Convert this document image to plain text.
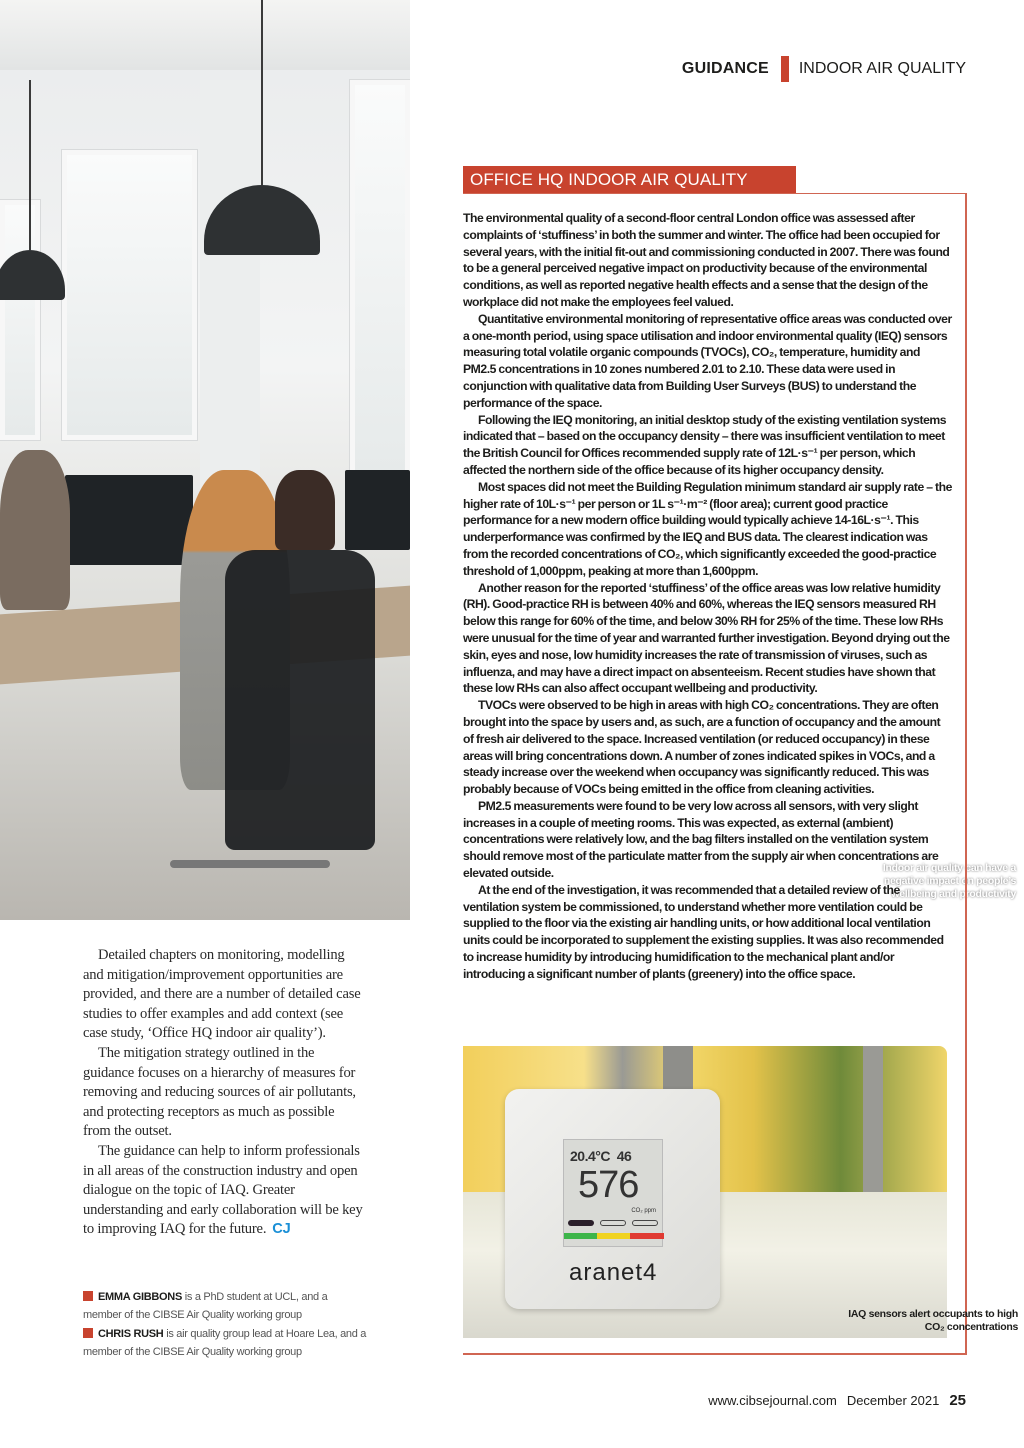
Indoor air quality can have a negative impact on people’s wellbeing and productivity
GUIDANCE INDOOR AIR QUALITY
OFFICE HQ INDOOR AIR QUALITY

The environmental quality of a second-floor central London office was assessed after complaints of ‘stuffiness’ in both the summer and winter. The office had been occupied for several years, with the initial fit-out and commissioning conducted in 2007. There was found to be a general perceived negative impact on productivity because of the environmental conditions, as well as reported negative health effects and a sense that the design of the workplace did not make the employees feel valued.

Quantitative environmental monitoring of representative office areas was conducted over a one-month period, using space utilisation and indoor environmental quality (IEQ) sensors measuring total volatile organic compounds (TVOCs), CO₂, temperature, humidity and PM2.5 concentrations in 10 zones numbered 2.01 to 2.10. These data were used in conjunction with qualitative data from Building User Surveys (BUS) to understand the performance of the space.

Following the IEQ monitoring, an initial desktop study of the existing ventilation systems indicated that – based on the occupancy density – there was insufficient ventilation to meet the British Council for Offices recommended supply rate of 12L·s⁻¹ per person, which affected the northern side of the office because of its higher occupancy density.

Most spaces did not meet the Building Regulation minimum standard air supply rate – the higher rate of 10L·s⁻¹ per person or 1L s⁻¹·m⁻² (floor area); current good practice performance for a new modern office building would typically achieve 14-16L·s⁻¹. This underperformance was confirmed by the IEQ and BUS data. The clearest indication was from the recorded concentrations of CO₂, which significantly exceeded the good-practice threshold of 1,000ppm, peaking at more than 1,600ppm.

Another reason for the reported ‘stuffiness’ of the office areas was low relative humidity (RH). Good-practice RH is between 40% and 60%, whereas the IEQ sensors measured RH below this range for 60% of the time, and below 30% RH for 25% of the time. These low RHs were unusual for the time of year and warranted further investigation. Beyond drying out the skin, eyes and nose, low humidity increases the rate of transmission of viruses, such as influenza, and may have a direct impact on absenteeism. Recent studies have shown that these low RHs can also affect occupant wellbeing and productivity.

TVOCs were observed to be high in areas with high CO₂ concentrations. They are often brought into the space by users and, as such, are a function of occupancy and the amount of fresh air delivered to the space. Increased ventilation (or reduced occupancy) in these areas will bring concentrations down. A number of zones indicated spikes in VOCs, and a steady increase over the weekend when occupancy was significantly reduced. This was probably because of VOCs being emitted in the office from cleaning activities.

PM2.5 measurements were found to be very low across all sensors, with very slight increases in a couple of meeting rooms. This was expected, as external (ambient) concentrations were relatively low, and the bag filters installed on the ventilation system should remove most of the particulate matter from the supply air when concentrations are elevated outside.

At the end of the investigation, it was recommended that a detailed review of the ventilation system be commissioned, to understand whether more ventilation could be supplied to the floor via the existing air handling units, or how additional local ventilation units could be incorporated to supplement the existing supplies. It was also recommended to increase humidity by introducing humidification to the mechanical plant and/or introducing a significant number of plants (greenery) into the office space.

20.4°C 46
576
CO₂ ppm
aranet4
IAQ sensors alert occupants to high CO₂ concentrations

Detailed chapters on monitoring, modelling and mitigation/improvement opportunities are provided, and there are a number of detailed case studies to offer examples and add context (see case study, ‘Office HQ indoor air quality’).

The mitigation strategy outlined in the guidance focuses on a hierarchy of measures for removing and reducing sources of air pollutants, and protecting receptors as much as possible from the outset.

The guidance can help to inform professionals in all areas of the construction industry and open dialogue on the topic of IAQ. Greater understanding and early collaboration will be key to improving IAQ for the future. CJ

EMMA GIBBONS is a PhD student at UCL, and a member of the CIBSE Air Quality working group
CHRIS RUSH is air quality group lead at Hoare Lea, and a member of the CIBSE Air Quality working group
www.cibsejournal.com December 2021 25
